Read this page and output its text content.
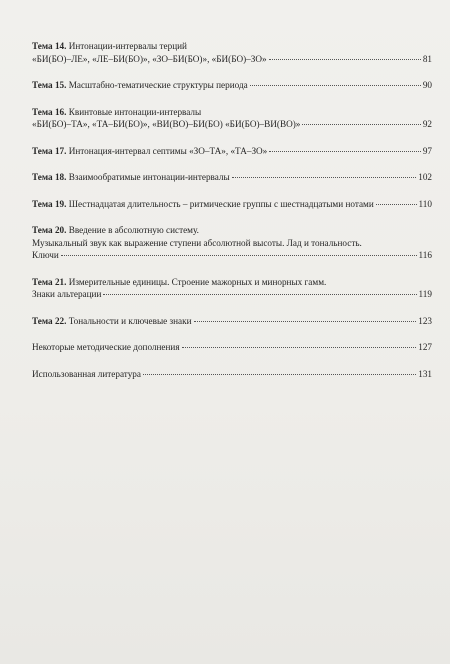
Тема 14. Интонации-интервалы терций
«БИ(БО)–ЛЕ», «ЛЕ–БИ(БО)», «ЗО–БИ(БО)», «БИ(БО)–ЗО»	81
Тема 15. Масштабно-тематические структуры периода	90
Тема 16. Квинтовые интонации-интервалы
«БИ(БО)–ТА», «ТА–БИ(БО)», «ВИ(ВО)–БИ(БО) «БИ(БО)–ВИ(ВО)»	92
Тема 17. Интонация-интервал септимы «ЗО–ТА», «ТА–ЗО»	97
Тема 18. Взаимообратимые интонации-интервалы	102
Тема 19. Шестнадцатая длительность – ритмические группы с шестнадцатыми нотами	110
Тема 20. Введение в абсолютную систему.
Музыкальный звук как выражение ступени абсолютной высоты. Лад и тональность.
Ключи	116
Тема 21. Измерительные единицы. Строение мажорных и минорных гамм.
Знаки альтерации	119
Тема 22. Тональности и ключевые знаки	123
Некоторые методические дополнения	127
Использованная литература	131
